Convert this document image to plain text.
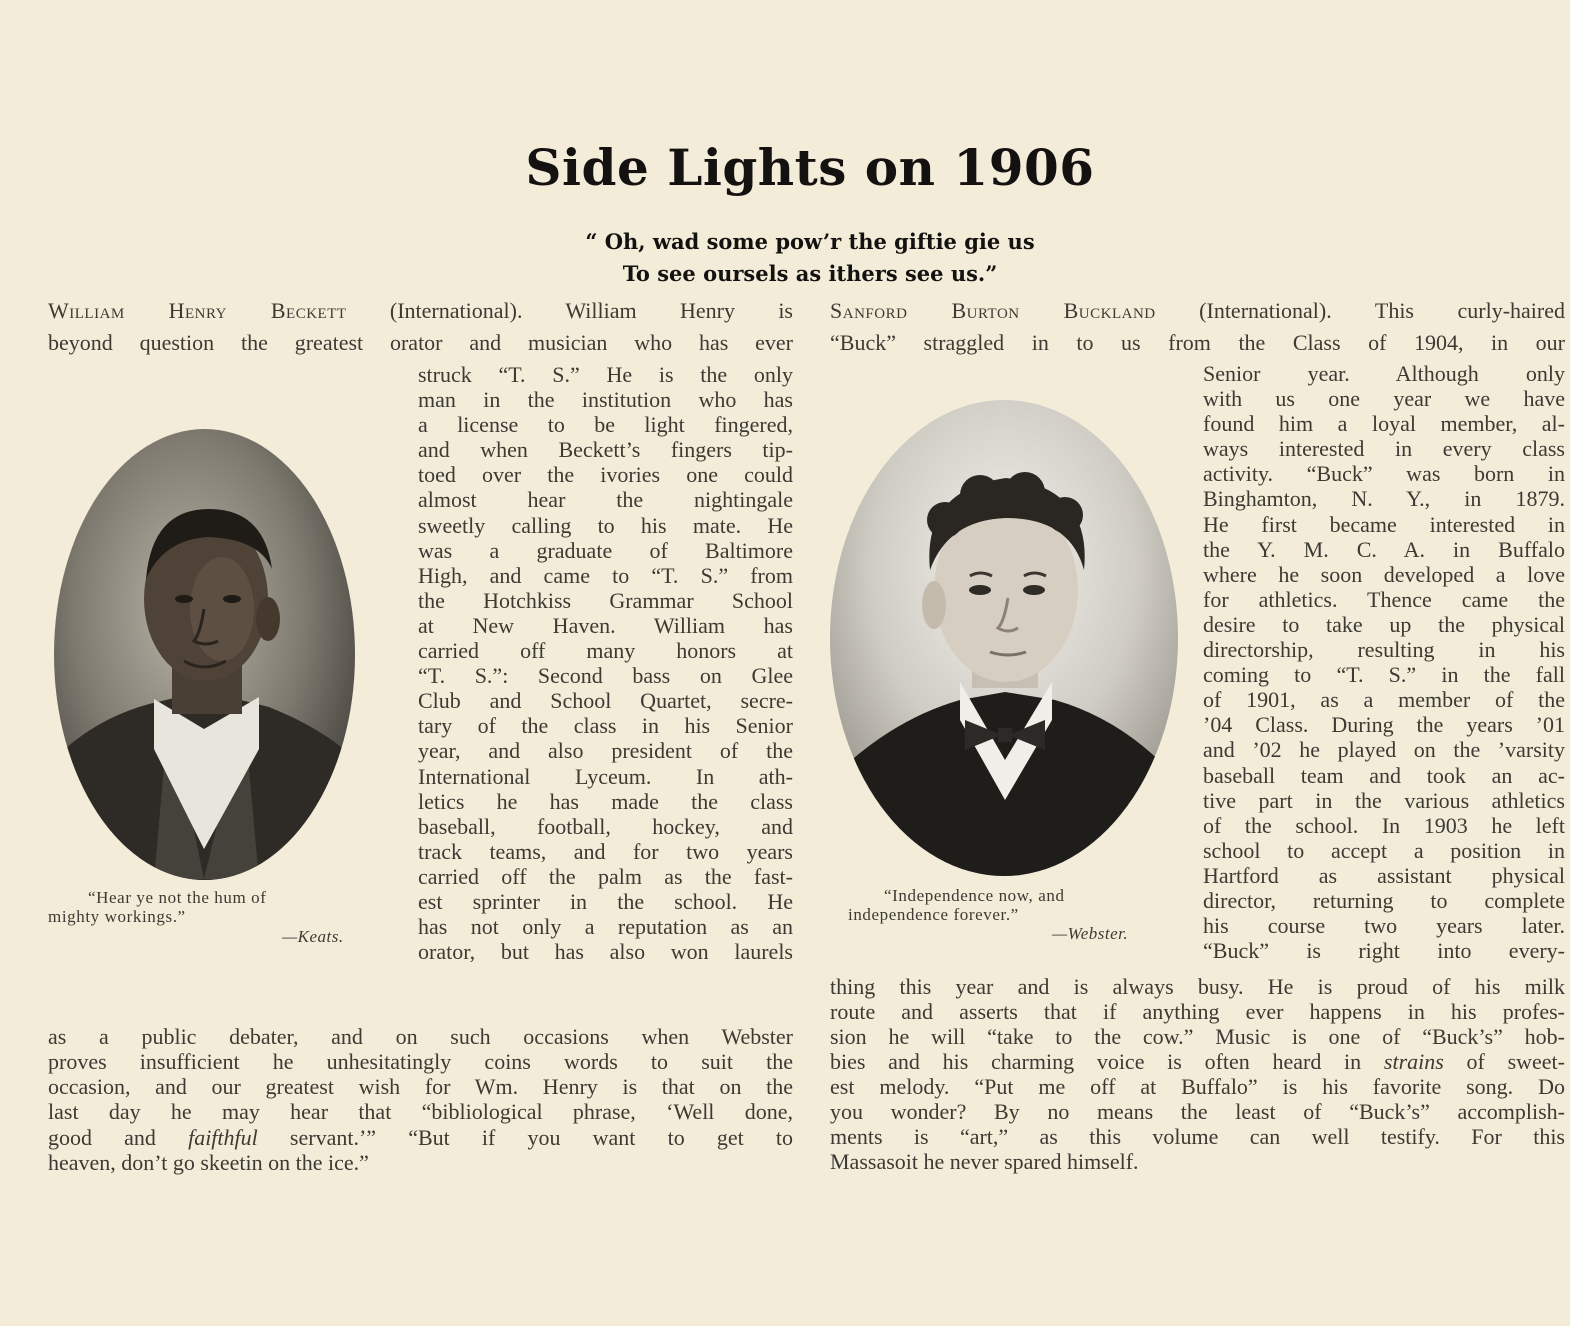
Side Lights on 1906
“ Oh, wad some pow’r the giftie gie us
To see oursels as ithers see us.”

William Henry Beckett (International). William Henry is

beyond question the greatest orator and musician who has ever

struck “T. S.” He is the only
man in the institution who has
a license to be light fingered,
and when Beckett’s fingers tip-
toed over the ivories one could
almost hear the nightingale
sweetly calling to his mate. He
was a graduate of Baltimore
High, and came to “T. S.” from
the Hotchkiss Grammar School
at New Haven. William has
carried off many honors at
“T. S.”: Second bass on Glee
Club and School Quartet, secre-
tary of the class in his Senior
year, and also president of the
International Lyceum. In ath-
letics he has made the class
baseball, football, hockey, and
track teams, and for two years
carried off the palm as the fast-
est sprinter in the school. He
has not only a reputation as an
orator, but has also won laurels
“Hear ye not the hum of
mighty workings.”
—Keats.
as a public debater, and on such occasions when Webster
proves insufficient he unhesitatingly coins words to suit the
occasion, and our greatest wish for Wm. Henry is that on the
last day he may hear that “bibliological phrase, ‘Well done,

good and faifthful servant.’” “But if you want to get to

heaven, don’t go skeetin on the ice.”

Sanford Burton Buckland (International). This curly-haired

“Buck” straggled in to us from the Class of 1904, in our

Senior year. Although only
with us one year we have
found him a loyal member, al-
ways interested in every class
activity. “Buck” was born in
Binghamton, N. Y., in 1879.
He first became interested in
the Y. M. C. A. in Buffalo
where he soon developed a love
for athletics. Thence came the
desire to take up the physical
directorship, resulting in his
coming to “T. S.” in the fall
of 1901, as a member of the
’04 Class. During the years ’01
and ’02 he played on the ’varsity
baseball team and took an ac-
tive part in the various athletics
of the school. In 1903 he left
school to accept a position in
Hartford as assistant physical
director, returning to complete
his course two years later.
“Buck” is right into every-
“Independence now, and
independence forever.”
—Webster.
thing this year and is always busy. He is proud of his milk
route and asserts that if anything ever happens in his profes-
sion he will “take to the cow.” Music is one of “Buck’s” hob-

bies and his charming voice is often heard in strains of sweet-

est melody. “Put me off at Buffalo” is his favorite song. Do
you wonder? By no means the least of “Buck’s” accomplish-
ments is “art,” as this volume can well testify. For this

Massasoit he never spared himself.
